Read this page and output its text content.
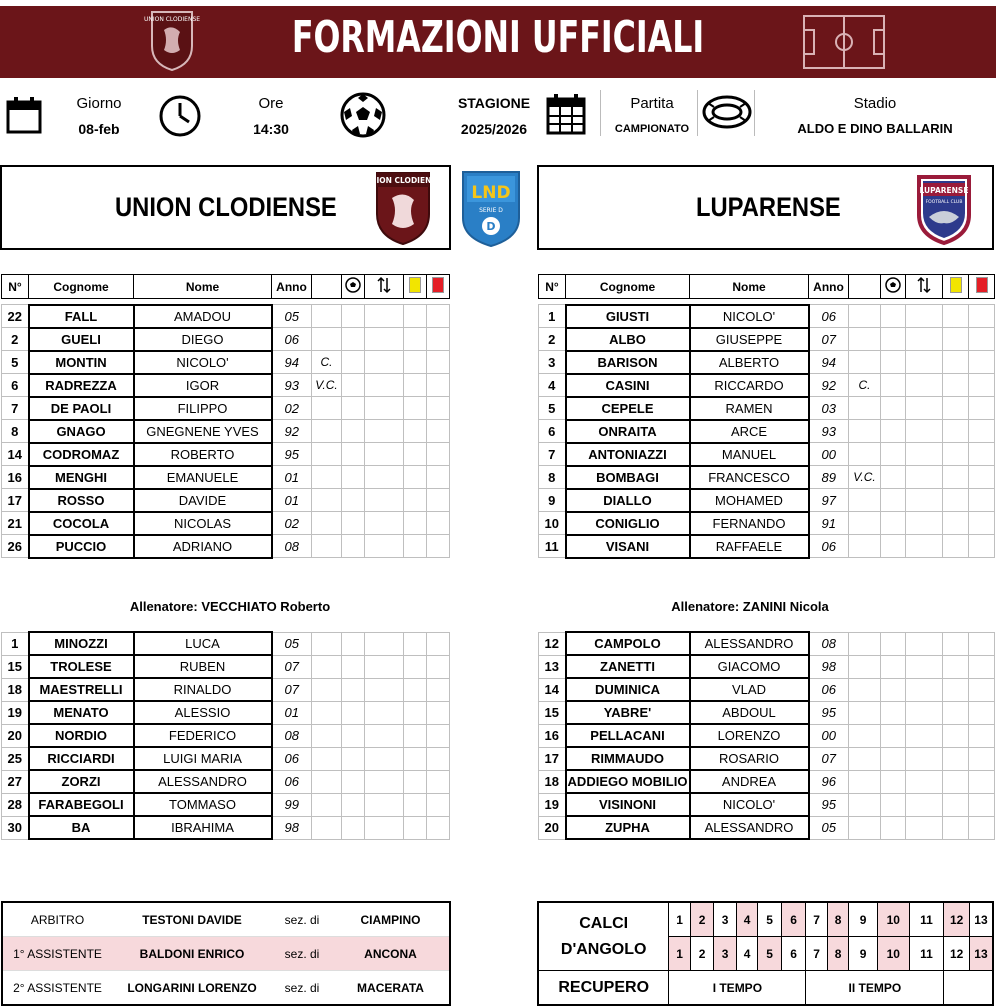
UNION CLODIENSE	FORMAZIONI UFFICIALI
Giorno
08-feb
Ore
14:30
STAGIONE
2025/2026
Partita
CAMPIONATO
Stadio
ALDO E DINO BALLARIN
UNION CLODIENSE
UNION CLODIENSE
LND
SERIE D
D
LUPARENSE
LUPARENSE
FOOTBALL CLUB
N°	Cognome	Nome	Anno					

22	FALL	AMADOU	05					
2	GUELI	DIEGO	06					
5	MONTIN	NICOLO'	94	C.				
6	RADREZZA	IGOR	93	V.C.				
7	DE PAOLI	FILIPPO	02					
8	GNAGO	GNEGNENE YVES	92					
14	CODROMAZ	ROBERTO	95					
16	MENGHI	EMANUELE	01					
17	ROSSO	DAVIDE	01					
21	COCOLA	NICOLAS	02					
26	PUCCIO	ADRIANO	08					
N°	Cognome	Nome	Anno					

1	GIUSTI	NICOLO'	06					
2	ALBO	GIUSEPPE	07					
3	BARISON	ALBERTO	94					
4	CASINI	RICCARDO	92	C.				
5	CEPELE	RAMEN	03					
6	ONRAITA	ARCE	93					
7	ANTONIAZZI	MANUEL	00					
8	BOMBAGI	FRANCESCO	89	V.C.				
9	DIALLO	MOHAMED	97					
10	CONIGLIO	FERNANDO	91					
11	VISANI	RAFFAELE	06					
Allenatore: VECCHIATO Roberto	Allenatore: ZANINI Nicola
1	MINOZZI	LUCA	05					
15	TROLESE	RUBEN	07					
18	MAESTRELLI	RINALDO	07					
19	MENATO	ALESSIO	01					
20	NORDIO	FEDERICO	08					
25	RICCIARDI	LUIGI MARIA	06					
27	ZORZI	ALESSANDRO	06					
28	FARABEGOLI	TOMMASO	99					
30	BA	IBRAHIMA	98					
12	CAMPOLO	ALESSANDRO	08					
13	ZANETTI	GIACOMO	98					
14	DUMINICA	VLAD	06					
15	YABRE'	ABDOUL	95					
16	PELLACANI	LORENZO	00					
17	RIMMAUDO	ROSARIO	07					
18	ADDIEGO MOBILIO	ANDREA	96					
19	VISINONI	NICOLO'	95					
20	ZUPHA	ALESSANDRO	05					
ARBITRO	TESTONI DAVIDE	sez. di	CIAMPINO
1° ASSISTENTE	BALDONI ENRICO	sez. di	ANCONA
2° ASSISTENTE	LONGARINI LORENZO	sez. di	MACERATA
CALCI
D'ANGOLO	1	2	3	4	5	6	7	8	9	10	11	12	13
	1	2	3	4	5	6	7	8	9	10	11	12	13
RECUPERO	I TEMPO						II TEMPO						
